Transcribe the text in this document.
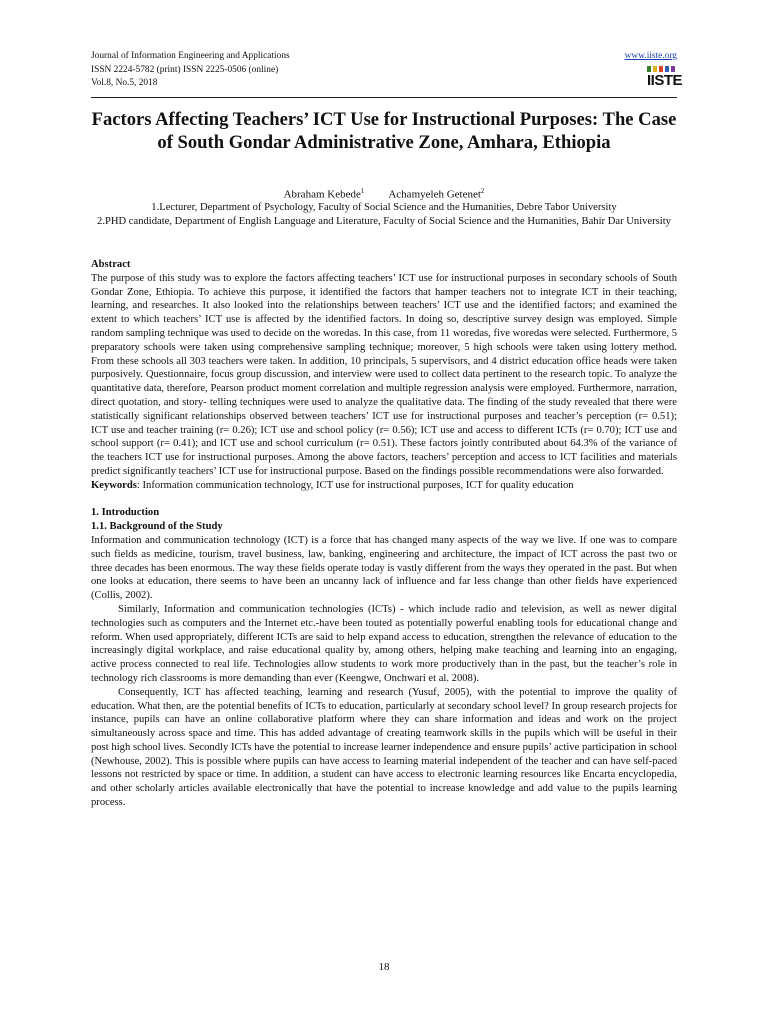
Journal of Information Engineering and Applications
ISSN 2224-5782 (print) ISSN 2225-0506 (online)
Vol.8, No.5, 2018
www.iiste.org
IISTE
Factors Affecting Teachers’ ICT Use for Instructional Purposes: The Case of South Gondar Administrative Zone, Amhara, Ethiopia
Abraham Kebede$^1$ Achamyeleh Getenet$^2$
1.Lecturer, Department of Psychology, Faculty of Social Science and the Humanities, Debre Tabor University
2.PHD candidate, Department of English Language and Literature, Faculty of Social Science and the Humanities, Bahir Dar University

Abstract

The purpose of this study was to explore the factors affecting teachers’ ICT use for instructional purposes in secondary schools of South Gondar Zone, Ethiopia. To achieve this purpose, it identified the factors that hamper teachers not to integrate ICT in their teaching, learning, and researches. It also looked into the relationships between teachers’ ICT use and the identified factors; and examined the extent to which teachers’ ICT use is affected by the identified factors. In doing so, descriptive survey design was employed. Simple random sampling technique was used to decide on the woredas. In this case, from 11 woredas, five woredas were selected. Furthermore, 5 preparatory schools were taken using comprehensive sampling technique; moreover, 5 high schools were taken using lottery method. From these schools all 303 teachers were taken. In addition, 10 principals, 5 supervisors, and 4 district education office heads were taken purposively. Questionnaire, focus group discussion, and interview were used to collect data pertinent to the research topic. To analyze the quantitative data, therefore, Pearson product moment correlation and multiple regression analysis were employed. Furthermore, narration, direct quotation, and story- telling techniques were used to analyze the qualitative data. The finding of the study revealed that there were statistically significant relationships observed between teachers’ ICT use for instructional purposes and teacher’s perception (r= 0.51); ICT use and teacher training (r= 0.26); ICT use and school policy (r= 0.56); ICT use and access to different ICTs (r= 0.70); ICT use and school support (r= 0.41); and ICT use and school curriculum (r= 0.51). These factors jointly contributed about 64.3% of the variance of the teachers ICT use for instructional purposes. Among the above factors, teachers’ perception and access to ICT facilities and materials predict significantly teachers’ ICT use for instructional purpose. Based on the findings possible recommendations were also forwarded.

Keywords: Information communication technology, ICT use for instructional purposes, ICT for quality education

1. Introduction

1.1. Background of the Study

Information and communication technology (ICT) is a force that has changed many aspects of the way we live. If one was to compare such fields as medicine, tourism, travel business, law, banking, engineering and architecture, the impact of ICT across the past two or three decades has been enormous. The way these fields operate today is vastly different from the ways they operated in the past. But when one looks at education, there seems to have been an uncanny lack of influence and far less change than other fields have experienced (Collis, 2002).

Similarly, Information and communication technologies (ICTs) - which include radio and television, as well as newer digital technologies such as computers and the Internet etc.-have been touted as potentially powerful enabling tools for educational change and reform. When used appropriately, different ICTs are said to help expand access to education, strengthen the relevance of education to the increasingly digital workplace, and raise educational quality by, among others, helping make teaching and learning into an engaging, active process connected to real life. Technologies allow students to work more productively than in the past, but the teacher’s role in technology rich classrooms is more demanding than ever (Keengwe, Onchwari et al. 2008).

Consequently, ICT has affected teaching, learning and research (Yusuf, 2005), with the potential to improve the quality of education. What then, are the potential benefits of ICTs to education, particularly at secondary school level? In group research projects for instance, pupils can have an online collaborative platform where they can share information and ideas and work on the project simultaneously across space and time. This has added advantage of creating teamwork skills in the pupils which will be useful in their post high school lives. Secondly ICTs have the potential to increase learner independence and ensure pupils’ active participation in school (Newhouse, 2002). This is possible where pupils can have access to learning material independent of the teacher and can have self-paced lessons not restricted by space or time. In addition, a student can have access to electronic learning resources like Encarta encyclopedia, and other scholarly articles available electronically that have the potential to increase knowledge and add value to the pupils learning process.

18
